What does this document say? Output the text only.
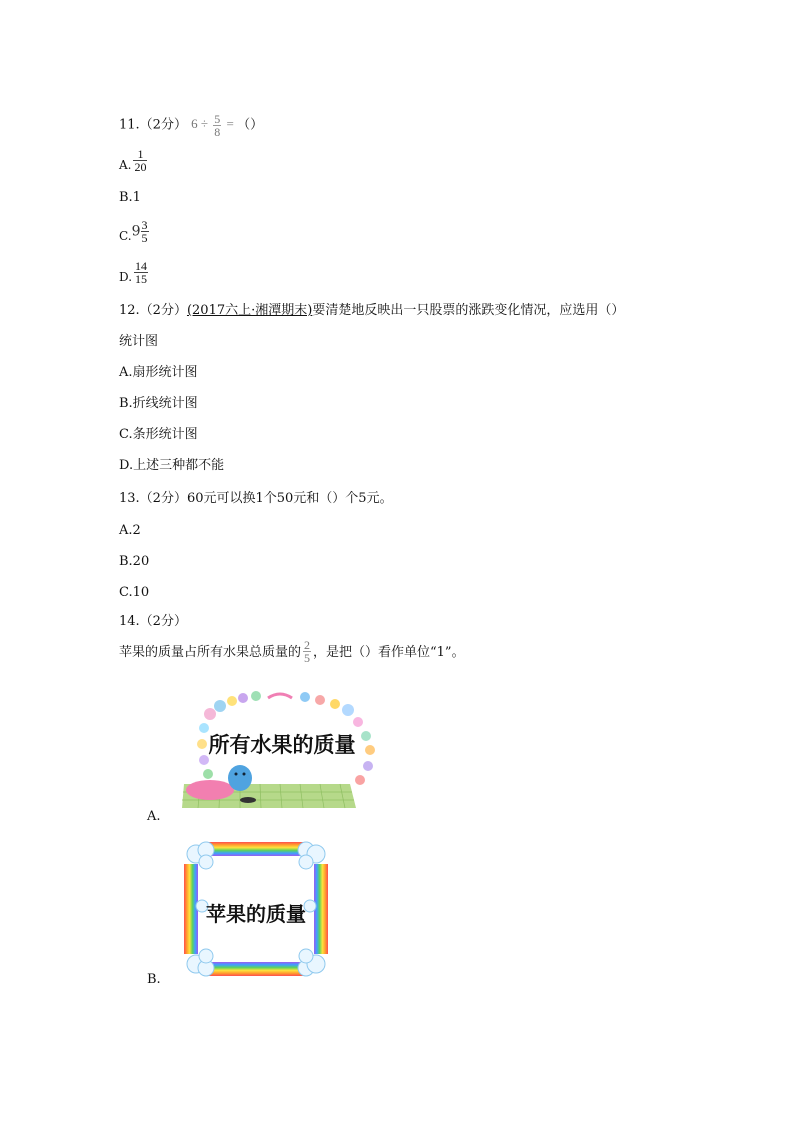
11.（2分） $6 \div \frac{5}{8}$ = （）
A. $\frac{1}{20}$
B.1
$C.9 \frac{3}{5}$
D. $\frac{14}{15}$
12.（2分）(2017六上·湘潭期末)要清楚地反映出一只股票的涨跌变化情况，应选用（）
统计图
A.扇形统计图
B.折线统计图
C.条形统计图
D.上述三种都不能
13.（2分）60元可以换1个50元和（）个5元。
A.2
B.20
C.10
14.（2分）
苹果的质量占所有水果总质量的 $\frac{2}{5}$ ，是把（）看作单位“1”。
所有水果的质量
A.
苹果的质量
B.
